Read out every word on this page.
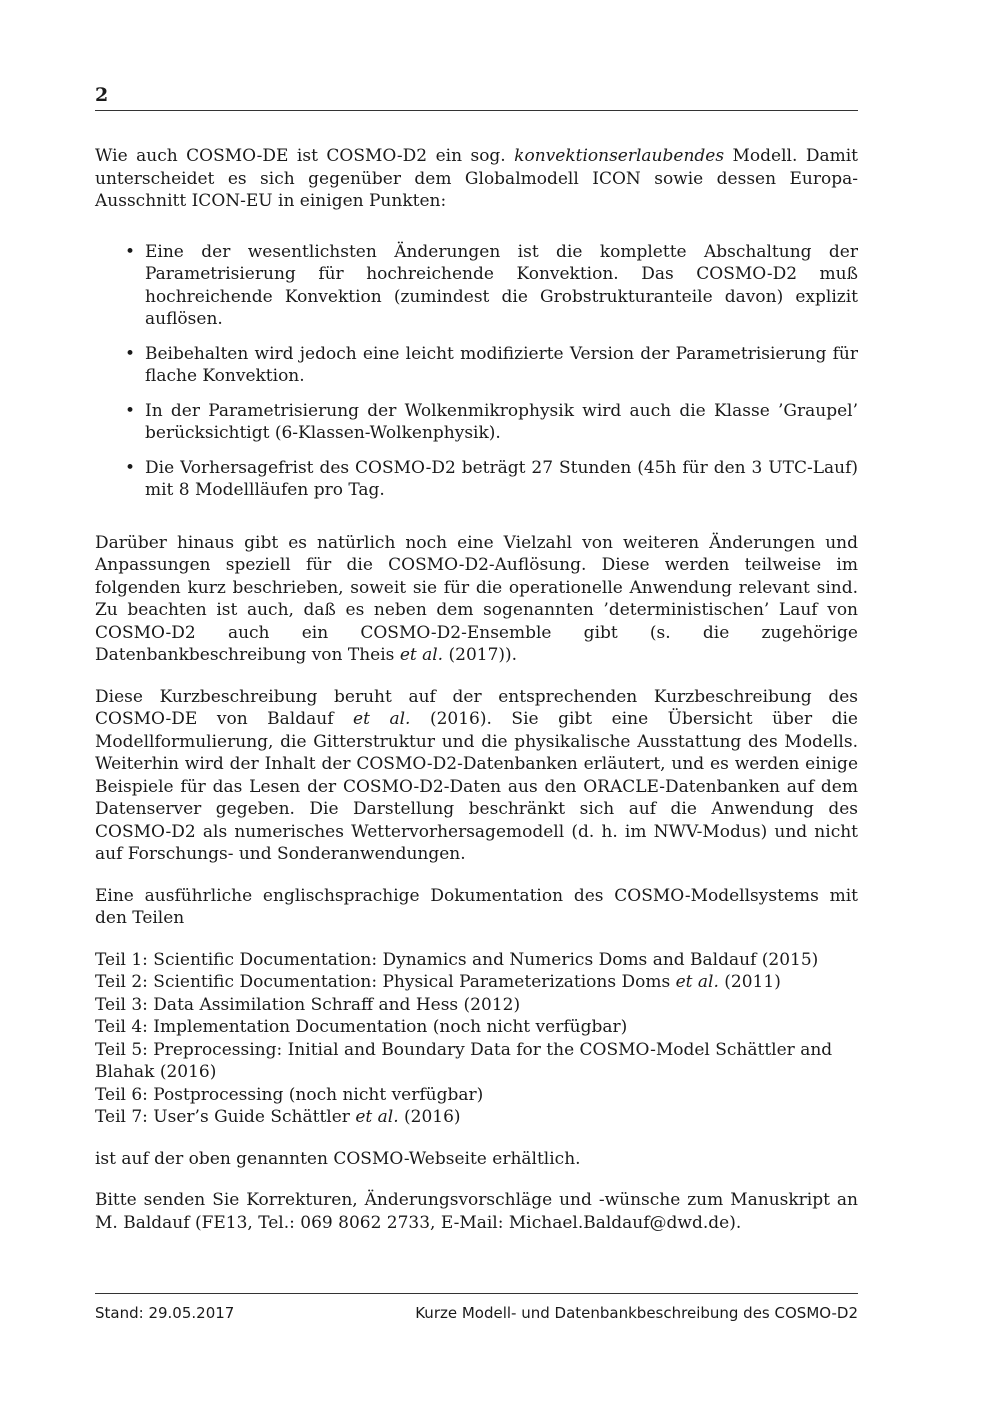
2

Wie auch COSMO-DE ist COSMO-D2 ein sog. konvektionserlaubendes Modell. Damit unterscheidet es sich gegenüber dem Globalmodell ICON sowie dessen Europa-Ausschnitt ICON-EU in einigen Punkten:

• Eine der wesentlichsten Änderungen ist die komplette Abschaltung der Parametrisierung für hochreichende Konvektion. Das COSMO-D2 muß hochreichende Konvektion (zumindest die Grobstrukturanteile davon) explizit auflösen.
• Beibehalten wird jedoch eine leicht modifizierte Version der Parametrisierung für flache Konvektion.
• In der Parametrisierung der Wolkenmikrophysik wird auch die Klasse ’Graupel’ berücksichtigt (6-Klassen-Wolkenphysik).
• Die Vorhersagefrist des COSMO-D2 beträgt 27 Stunden (45h für den 3 UTC-Lauf) mit 8 Modellläufen pro Tag.

Darüber hinaus gibt es natürlich noch eine Vielzahl von weiteren Änderungen und Anpassungen speziell für die COSMO-D2-Auflösung. Diese werden teilweise im folgenden kurz beschrieben, soweit sie für die operationelle Anwendung relevant sind. Zu beachten ist auch, daß es neben dem sogenannten ’deterministischen’ Lauf von COSMO-D2 auch ein COSMO-D2-Ensemble gibt (s. die zugehörige Datenbankbeschreibung von Theis et al. (2017)).

Diese Kurzbeschreibung beruht auf der entsprechenden Kurzbeschreibung des COSMO-DE von Baldauf et al. (2016). Sie gibt eine Übersicht über die Modellformulierung, die Gitterstruktur und die physikalische Ausstattung des Modells. Weiterhin wird der Inhalt der COSMO-D2-Datenbanken erläutert, und es werden einige Beispiele für das Lesen der COSMO-D2-Daten aus den ORACLE-Datenbanken auf dem Datenserver gegeben. Die Darstellung beschränkt sich auf die Anwendung des COSMO-D2 als numerisches Wettervorhersagemodell (d. h. im NWV-Modus) und nicht auf Forschungs- und Sonderanwendungen.

Eine ausführliche englischsprachige Dokumentation des COSMO-Modellsystems mit den Teilen

Teil 1: Scientific Documentation: Dynamics and Numerics Doms and Baldauf (2015)
Teil 2: Scientific Documentation: Physical Parameterizations Doms et al. (2011)
Teil 3: Data Assimilation Schraff and Hess (2012)
Teil 4: Implementation Documentation (noch nicht verfügbar)
Teil 5: Preprocessing: Initial and Boundary Data for the COSMO-Model Schättler and Blahak (2016)
Teil 6: Postprocessing (noch nicht verfügbar)
Teil 7: User’s Guide Schättler et al. (2016)

ist auf der oben genannten COSMO-Webseite erhältlich.

Bitte senden Sie Korrekturen, Änderungsvorschläge und -wünsche zum Manuskript an M. Baldauf (FE13, Tel.: 069 8062 2733, E-Mail: Michael.Baldauf@dwd.de).

Stand: 29.05.2017	Kurze Modell- und Datenbankbeschreibung des COSMO-D2
